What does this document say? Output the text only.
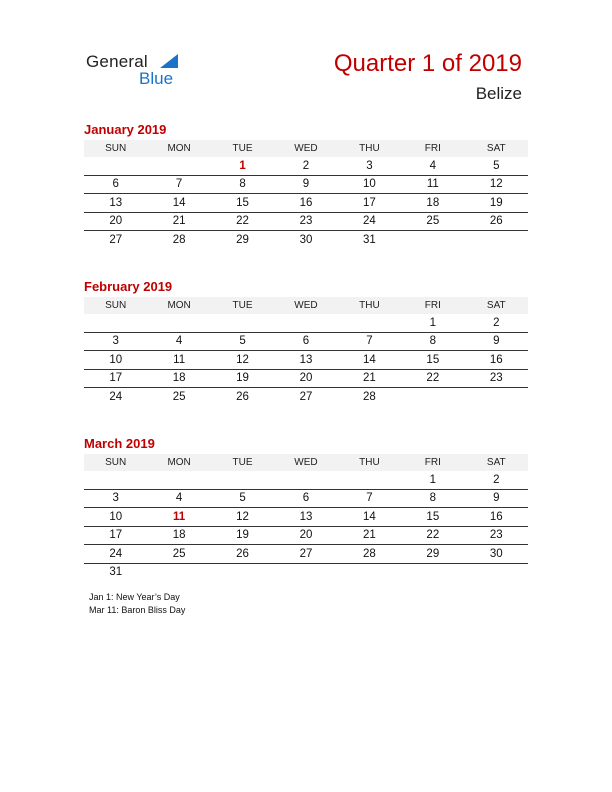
General
Blue
Quarter 1 of 2019
Belize
January 2019
SUN	MON	TUE	WED	THU	FRI	SAT
		1	2	3	4	5
6	7	8	9	10	11	12
13	14	15	16	17	18	19
20	21	22	23	24	25	26
27	28	29	30	31		
February 2019
SUN	MON	TUE	WED	THU	FRI	SAT
					1	2
3	4	5	6	7	8	9
10	11	12	13	14	15	16
17	18	19	20	21	22	23
24	25	26	27	28		
March 2019
SUN	MON	TUE	WED	THU	FRI	SAT
					1	2
3	4	5	6	7	8	9
10	11	12	13	14	15	16
17	18	19	20	21	22	23
24	25	26	27	28	29	30
31						
Jan 1: New Year’s Day
Mar 11: Baron Bliss Day
